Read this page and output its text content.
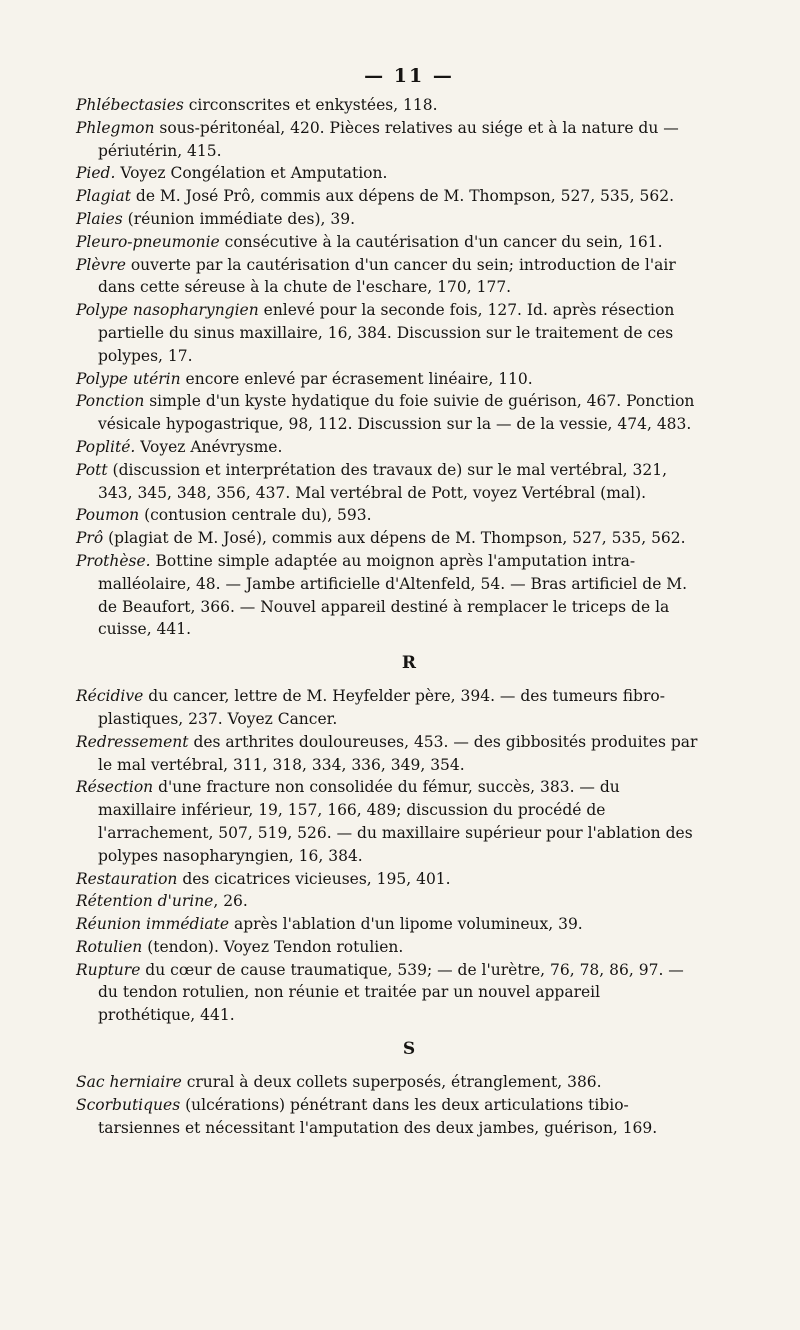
— 11 —

Phlébectasies circonscrites et enkystées, 118.

Phlegmon sous-péritonéal, 420. Pièces relatives au siége et à la nature du — périutérin, 415.

Pied. Voyez Congélation et Amputation.

Plagiat de M. José Prô, commis aux dépens de M. Thompson, 527, 535, 562.

Plaies (réunion immédiate des), 39.

Pleuro-pneumonie consécutive à la cautérisation d'un cancer du sein, 161.

Plèvre ouverte par la cautérisation d'un cancer du sein; introduction de l'air dans cette séreuse à la chute de l'eschare, 170, 177.

Polype nasopharyngien enlevé pour la seconde fois, 127. Id. après résection partielle du sinus maxillaire, 16, 384. Discussion sur le traitement de ces polypes, 17.

Polype utérin encore enlevé par écrasement linéaire, 110.

Ponction simple d'un kyste hydatique du foie suivie de guérison, 467. Ponction vésicale hypogastrique, 98, 112. Discussion sur la — de la vessie, 474, 483.

Poplité. Voyez Anévrysme.

Pott (discussion et interprétation des travaux de) sur le mal vertébral, 321, 343, 345, 348, 356, 437. Mal vertébral de Pott, voyez Vertébral (mal).

Poumon (contusion centrale du), 593.

Prô (plagiat de M. José), commis aux dépens de M. Thompson, 527, 535, 562.

Prothèse. Bottine simple adaptée au moignon après l'amputation intra-malléolaire, 48. — Jambe artificielle d'Altenfeld, 54. — Bras artificiel de M. de Beaufort, 366. — Nouvel appareil destiné à remplacer le triceps de la cuisse, 441.

R

Récidive du cancer, lettre de M. Heyfelder père, 394. — des tumeurs fibro-plastiques, 237. Voyez Cancer.

Redressement des arthrites douloureuses, 453. — des gibbosités produites par le mal vertébral, 311, 318, 334, 336, 349, 354.

Résection d'une fracture non consolidée du fémur, succès, 383. — du maxillaire inférieur, 19, 157, 166, 489; discussion du procédé de l'arrachement, 507, 519, 526. — du maxillaire supérieur pour l'ablation des polypes nasopharyngien, 16, 384.

Restauration des cicatrices vicieuses, 195, 401.

Rétention d'urine, 26.

Réunion immédiate après l'ablation d'un lipome volumineux, 39.

Rotulien (tendon). Voyez Tendon rotulien.

Rupture du cœur de cause traumatique, 539; — de l'urètre, 76, 78, 86, 97. — du tendon rotulien, non réunie et traitée par un nouvel appareil prothétique, 441.

S

Sac herniaire crural à deux collets superposés, étranglement, 386.

Scorbutiques (ulcérations) pénétrant dans les deux articulations tibio-tarsiennes et nécessitant l'amputation des deux jambes, guérison, 169.
